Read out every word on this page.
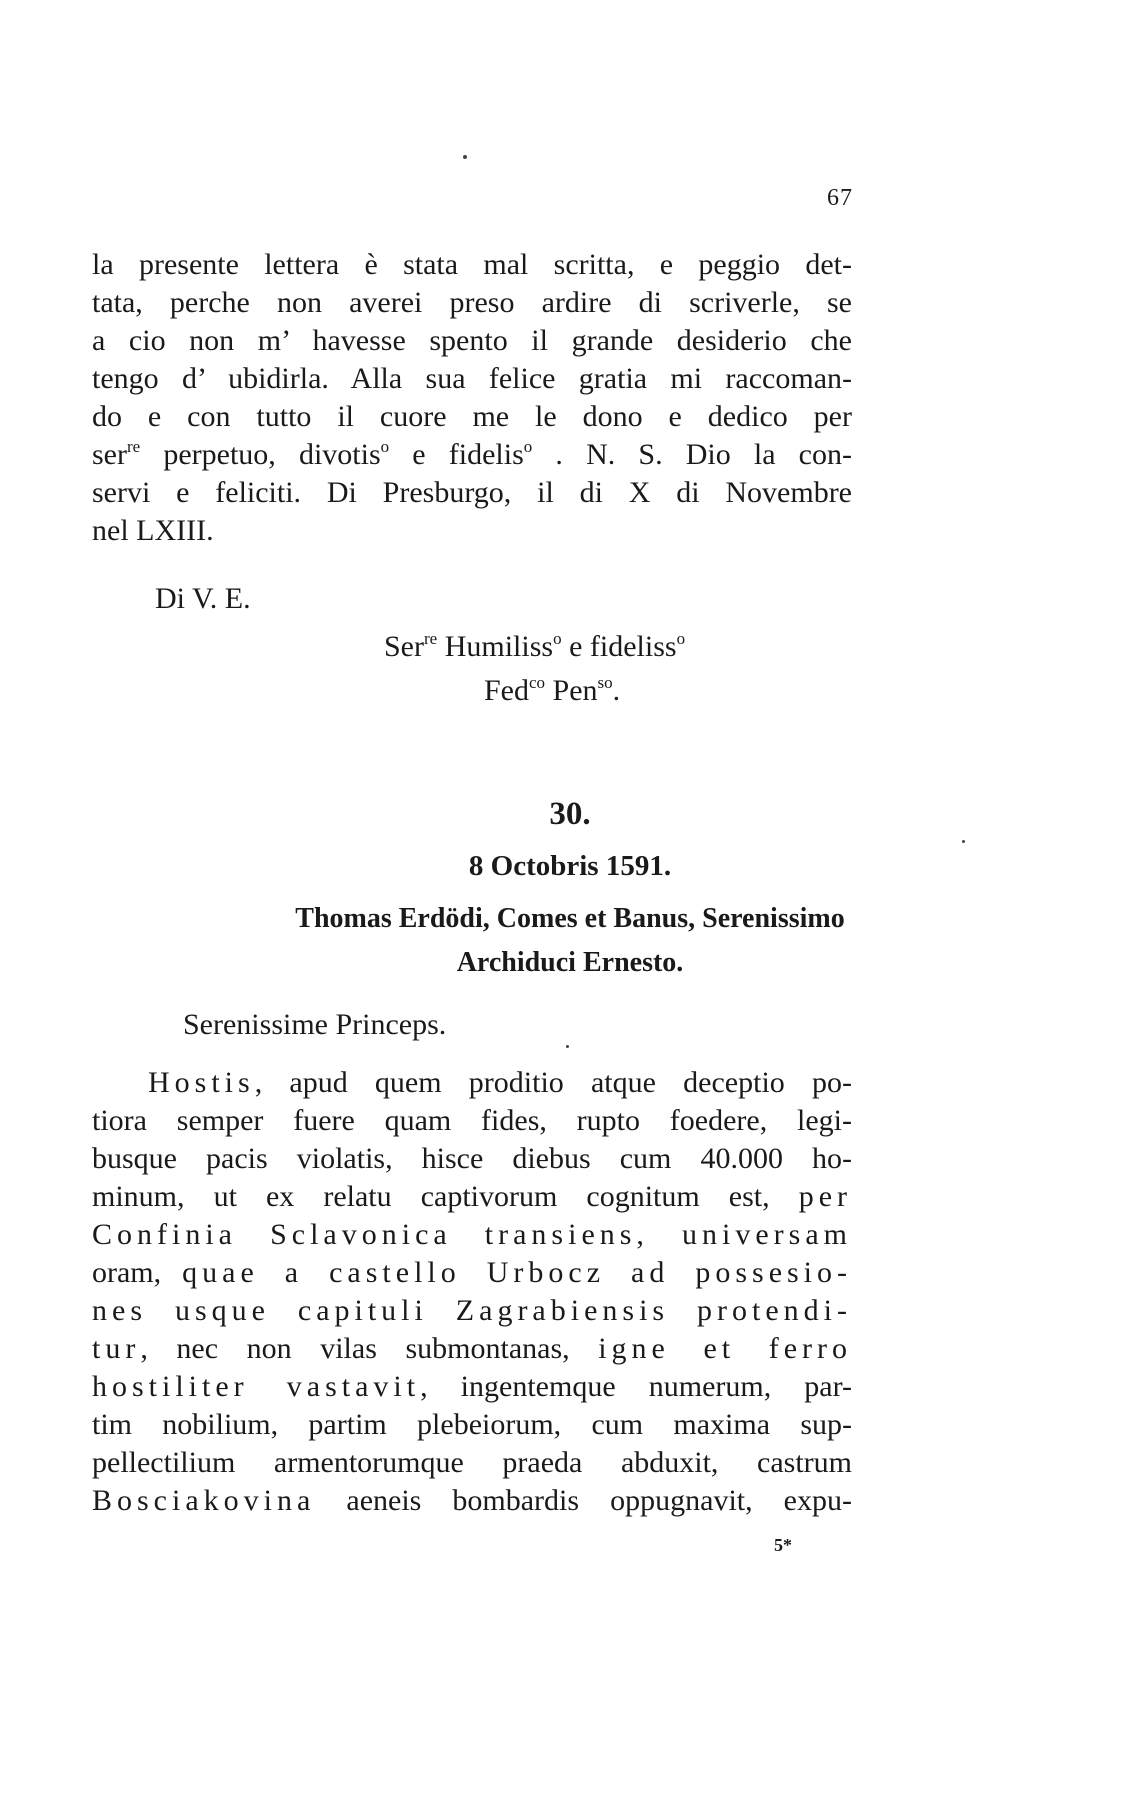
67
la presente lettera è stata mal scritta, e peggio det-
tata, perche non averei preso ardire di scriverle, se
a cio non m’ havesse spento il grande desiderio che
tengo d’ ubidirla. Alla sua felice gratia mi raccoman-
do e con tutto il cuore me le dono e dedico per
ser$^{re}$ perpetuo, divotis$^o$ e fidelis$^o$ . N. S. Dio la con-
servi e feliciti. Di Presburgo, il di X di Novembre
nel LXIII.
Di V. E.
Ser$^{re}$ Humiliss$^o$ e fideliss$^o$
Fed$^{co}$ Pen$^{so}$.
30.
8 Octobris 1591.
Thomas Erdödi, Comes et Banus, Serenissimo
Archiduci Ernesto.
Serenissime Princeps.
Hostis, apud quem proditio atque deceptio po-
tiora semper fuere quam fides, rupto foedere, legi-
busque pacis violatis, hisce diebus cum 40.000 ho-
minum, ut ex relatu captivorum cognitum est, per
Confinia Sclavonica transiens, universam
oram, quae a castello Urbocz ad possesio-
nes usque capituli Zagrabiensis protendi-
tur, nec non vilas submontanas, igne et ferro
hostiliter vastavit, ingentemque numerum, par-
tim nobilium, partim plebeiorum, cum maxima sup-
pellectilium armentorumque praeda abduxit, castrum
Bosciakovina aeneis bombardis oppugnavit, expu-
5*
